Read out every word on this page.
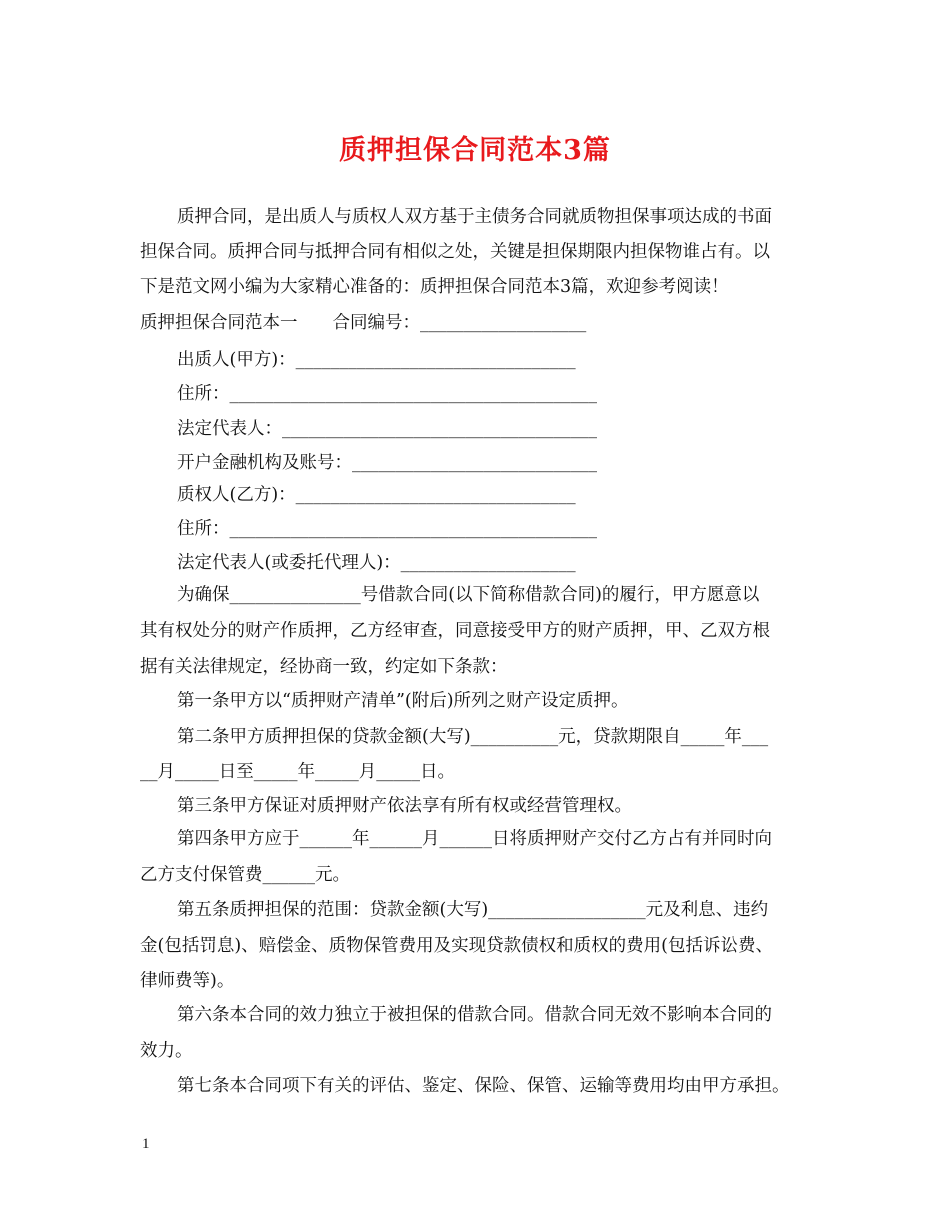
质押担保合同范本3篇
质押合同，是出质人与质权人双方基于主债务合同就质物担保事项达成的书面
担保合同。质押合同与抵押合同有相似之处，关键是担保期限内担保物谁占有。以
下是范文网小编为大家精心准备的：质押担保合同范本3篇，欢迎参考阅读！
质押担保合同范本一　　合同编号：___________________
出质人(甲方)：________________________________
住所：__________________________________________
法定代表人：____________________________________
开户金融机构及账号：____________________________
质权人(乙方)：________________________________
住所：__________________________________________
法定代表人(或委托代理人)：____________________
为确保_______________号借款合同(以下简称借款合同)的履行，甲方愿意以
其有权处分的财产作质押，乙方经审查，同意接受甲方的财产质押，甲、乙双方根
据有关法律规定，经协商一致，约定如下条款：
第一条甲方以“质押财产清单”(附后)所列之财产设定质押。
第二条甲方质押担保的贷款金额(大写)__________元，贷款期限自_____年___
__月_____日至_____年_____月_____日。
第三条甲方保证对质押财产依法享有所有权或经营管理权。
第四条甲方应于______年______月______日将质押财产交付乙方占有并同时向
乙方支付保管费______元。
第五条质押担保的范围：贷款金额(大写)__________________元及利息、违约
金(包括罚息)、赔偿金、质物保管费用及实现贷款债权和质权的费用(包括诉讼费、
律师费等)。
第六条本合同的效力独立于被担保的借款合同。借款合同无效不影响本合同的
效力。
第七条本合同项下有关的评估、鉴定、保险、保管、运输等费用均由甲方承担。
1
